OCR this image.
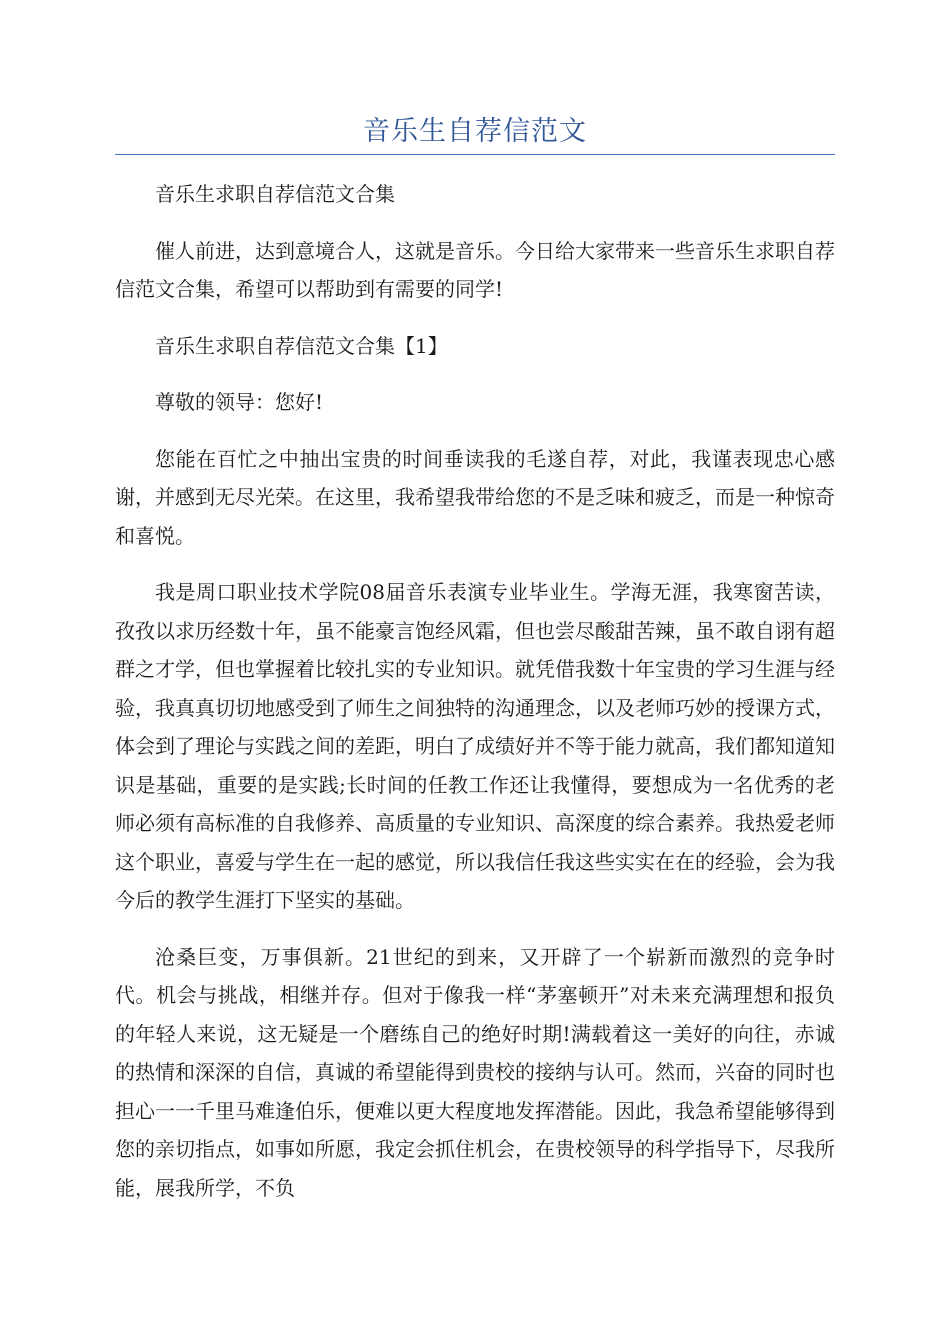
音乐生自荐信范文

音乐生求职自荐信范文合集

催人前进，达到意境合人，这就是音乐。今日给大家带来一些音乐生求职自荐信范文合集，希望可以帮助到有需要的同学!

音乐生求职自荐信范文合集【1】

尊敬的领导：您好!

您能在百忙之中抽出宝贵的时间垂读我的毛遂自荐，对此，我谨表现忠心感谢，并感到无尽光荣。在这里，我希望我带给您的不是乏味和疲乏，而是一种惊奇和喜悦。

我是周口职业技术学院08届音乐表演专业毕业生。学海无涯，我寒窗苦读，孜孜以求历经数十年，虽不能豪言饱经风霜，但也尝尽酸甜苦辣，虽不敢自诩有超群之才学，但也掌握着比较扎实的专业知识。就凭借我数十年宝贵的学习生涯与经验，我真真切切地感受到了师生之间独特的沟通理念，以及老师巧妙的授课方式，体会到了理论与实践之间的差距，明白了成绩好并不等于能力就高，我们都知道知识是基础，重要的是实践;长时间的任教工作还让我懂得，要想成为一名优秀的老师必须有高标准的自我修养、高质量的专业知识、高深度的综合素养。我热爱老师这个职业，喜爱与学生在一起的感觉，所以我信任我这些实实在在的经验，会为我今后的教学生涯打下坚实的基础。

沧桑巨变，万事俱新。21世纪的到来，又开辟了一个崭新而激烈的竞争时代。机会与挑战，相继并存。但对于像我一样“茅塞顿开”对未来充满理想和报负的年轻人来说，这无疑是一个磨练自己的绝好时期!满载着这一美好的向往，赤诚的热情和深深的自信，真诚的希望能得到贵校的接纳与认可。然而，兴奋的同时也担心一一千里马难逢伯乐，便难以更大程度地发挥潜能。因此，我急希望能够得到您的亲切指点，如事如所愿，我定会抓住机会，在贵校领导的科学指导下，尽我所能，展我所学，不负
